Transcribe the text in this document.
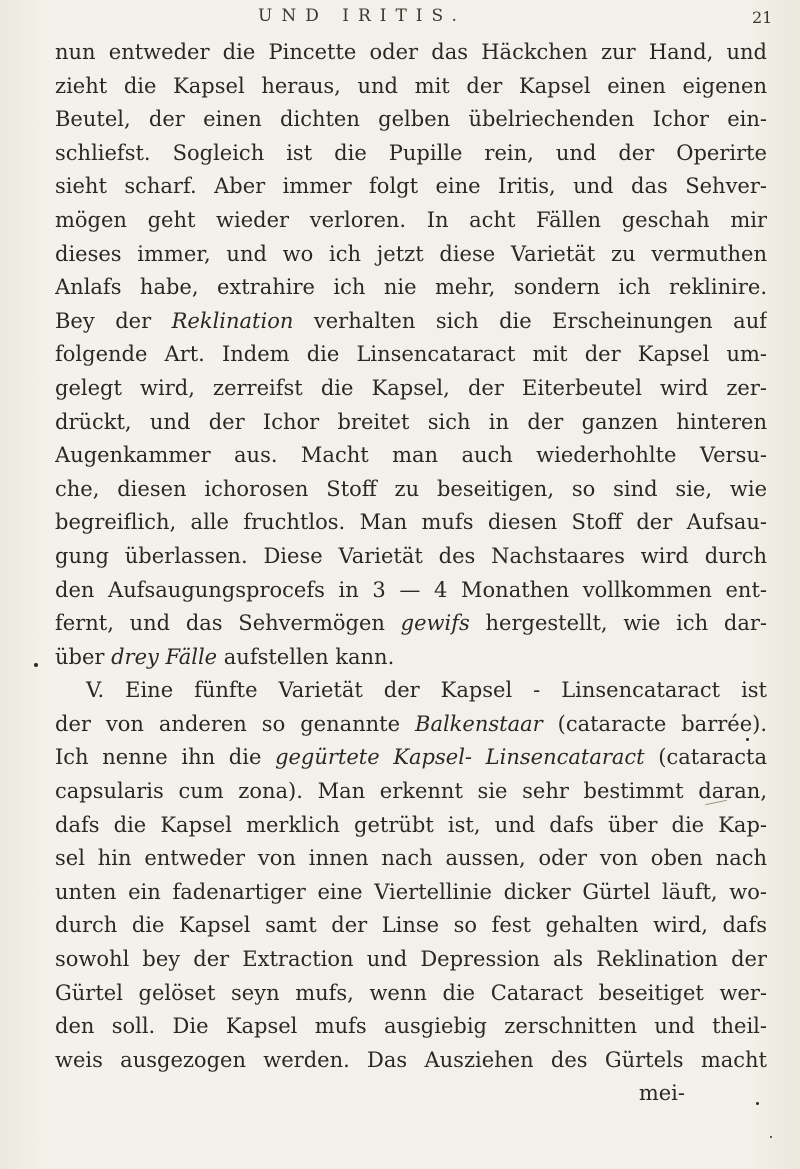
UND IRITIS.	21
nun entweder die Pincette oder das Häckchen zur Hand, und
zieht die Kapsel heraus, und mit der Kapsel einen eigenen
Beutel, der einen dichten gelben übelriechenden Ichor ein-
schliefst. Sogleich ist die Pupille rein, und der Operirte
sieht scharf. Aber immer folgt eine Iritis, und das Sehver-
mögen geht wieder verloren. In acht Fällen geschah mir
dieses immer, und wo ich jetzt diese Varietät zu vermuthen
Anlafs habe, extrahire ich nie mehr, sondern ich reklinire.
Bey der Reklination verhalten sich die Erscheinungen auf
folgende Art. Indem die Linsencataract mit der Kapsel um-
gelegt wird, zerreifst die Kapsel, der Eiterbeutel wird zer-
drückt, und der Ichor breitet sich in der ganzen hinteren
Augenkammer aus. Macht man auch wiederhohlte Versu-
che, diesen ichorosen Stoff zu beseitigen, so sind sie, wie
begreiflich, alle fruchtlos. Man mufs diesen Stoff der Aufsau-
gung überlassen. Diese Varietät des Nachstaares wird durch
den Aufsaugungsprocefs in 3 — 4 Monathen vollkommen ent-
fernt, und das Sehvermögen gewifs hergestellt, wie ich dar-
über drey Fälle aufstellen kann.
V. Eine fünfte Varietät der Kapsel - Linsencataract ist
der von anderen so genannte Balkenstaar (cataracte barrée).
Ich nenne ihn die gegürtete Kapsel- Linsencataract (cataracta
capsularis cum zona). Man erkennt sie sehr bestimmt daran,
dafs die Kapsel merklich getrübt ist, und dafs über die Kap-
sel hin entweder von innen nach aussen, oder von oben nach
unten ein fadenartiger eine Viertellinie dicker Gürtel läuft, wo-
durch die Kapsel samt der Linse so fest gehalten wird, dafs
sowohl bey der Extraction und Depression als Reklination der
Gürtel gelöset seyn mufs, wenn die Cataract beseitiget wer-
den soll. Die Kapsel mufs ausgiebig zerschnitten und theil-
weis ausgezogen werden. Das Ausziehen des Gürtels macht
mei-
